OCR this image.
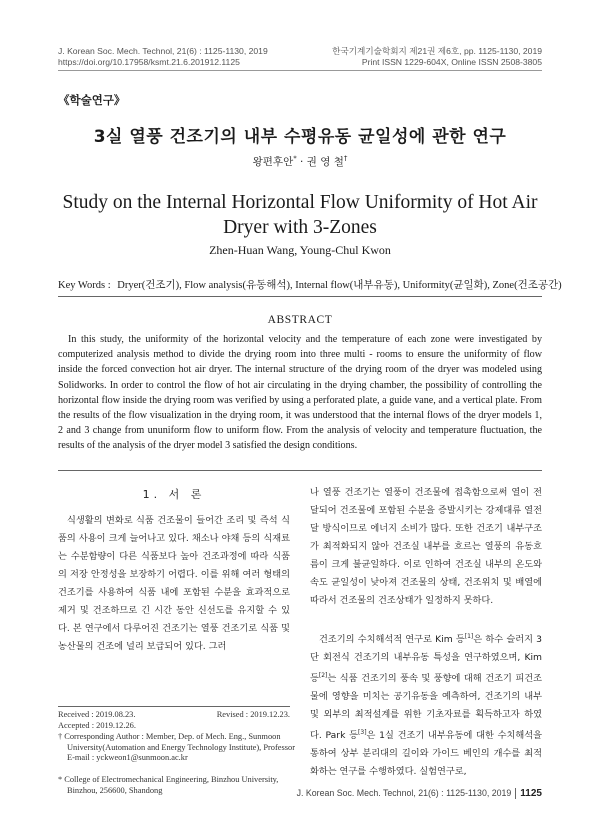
J. Korean Soc. Mech. Technol, 21(6) : 1125-1130, 2019
https://doi.org/10.17958/ksmt.21.6.201912.1125
한국기계기술학회지 제21권 제6호, pp. 1125-1130, 2019
Print ISSN 1229-604X, Online ISSN 2508-3805
《학술연구》
3실 열풍 건조기의 내부 수평유동 균일성에 관한 연구
왕편후안* · 권 영 철†
Study on the Internal Horizontal Flow Uniformity of Hot Air Dryer with 3-Zones
Zhen-Huan Wang, Young-Chul Kwon
Key Words : Dryer(건조기), Flow analysis(유동해석), Internal flow(내부유동), Uniformity(균일화), Zone(건조공간)
ABSTRACT
In this study, the uniformity of the horizontal velocity and the temperature of each zone were investigated by computerized analysis method to divide the drying room into three multi - rooms to ensure the uniformity of flow inside the forced convection hot air dryer. The internal structure of the drying room of the dryer was modeled using Solidworks. In order to control the flow of hot air circulating in the drying chamber, the possibility of controlling the horizontal flow inside the drying room was verified by using a perforated plate, a guide vane, and a vertical plate. From the results of the flow visualization in the drying room, it was understood that the internal flows of the dryer models 1, 2 and 3 change from ununiform flow to uniform flow. From the analysis of velocity and temperature fluctuation, the results of the analysis of the dryer model 3 satisfied the design conditions.
1. 서 론
식생활의 변화로 식품 건조물이 들어간 조리 및 즉석 식품의 사용이 크게 늘어나고 있다. 채소나 야채 등의 식재료는 수분함량이 다른 식품보다 높아 건조과정에 따라 식품의 저장 안정성을 보장하기 어렵다. 이를 위해 여러 형태의 건조기를 사용하여 식품 내에 포함된 수분을 효과적으로 제거 및 건조하므로 긴 시간 동안 신선도를 유지할 수 있다. 본 연구에서 다루어진 건조기는 열풍 건조기로 식품 및 농산물의 건조에 널리 보급되어 있다. 그러
나 열풍 건조기는 열풍이 건조물에 접촉함으로써 열이 전달되어 건조물에 포함된 수분을 증발시키는 강제대류 열전달 방식이므로 에너지 소비가 많다. 또한 건조기 내부구조가 최적화되지 않아 건조실 내부를 흐르는 열풍의 유동흐름이 크게 불균일하다. 이로 인하여 건조실 내부의 온도와 속도 균일성이 낮아져 건조물의 상태, 건조위치 및 배열에 따라서 건조물의 건조상태가 일정하지 못하다.
건조기의 수치해석적 연구로 Kim 등[1]은 하수 슬러지 3단 회전식 건조기의 내부유동 특성을 연구하였으며, Kim 등[2]는 식품 건조기의 풍속 및 풍향에 대해 건조기 피건조물에 영향을 미치는 공기유동을 예측하여, 건조기의 내부 및 외부의 최적설계를 위한 기초자료를 획득하고자 하였다. Park 등[3]은 1실 건조기 내부유동에 대한 수치해석을 통하여 상부 분리대의 길이와 가이드 베인의 개수를 최적화하는 연구를 수행하였다. 실험연구로,
Received : 2019.08.23.	Revised : 2019.12.23.
Accepted : 2019.12.26.
† Corresponding Author : Member, Dep. of Mech. Eng., Sunmoon University(Automation and Energy Technology Institute), Professor E-mail : yckweon1@sunmoon.ac.kr
* College of Electromechanical Engineering, Binzhou University, Binzhou, 256600, Shandong	J. Korean Soc. Mech. Technol, 21(6) : 1125-1130, 2019 1125
